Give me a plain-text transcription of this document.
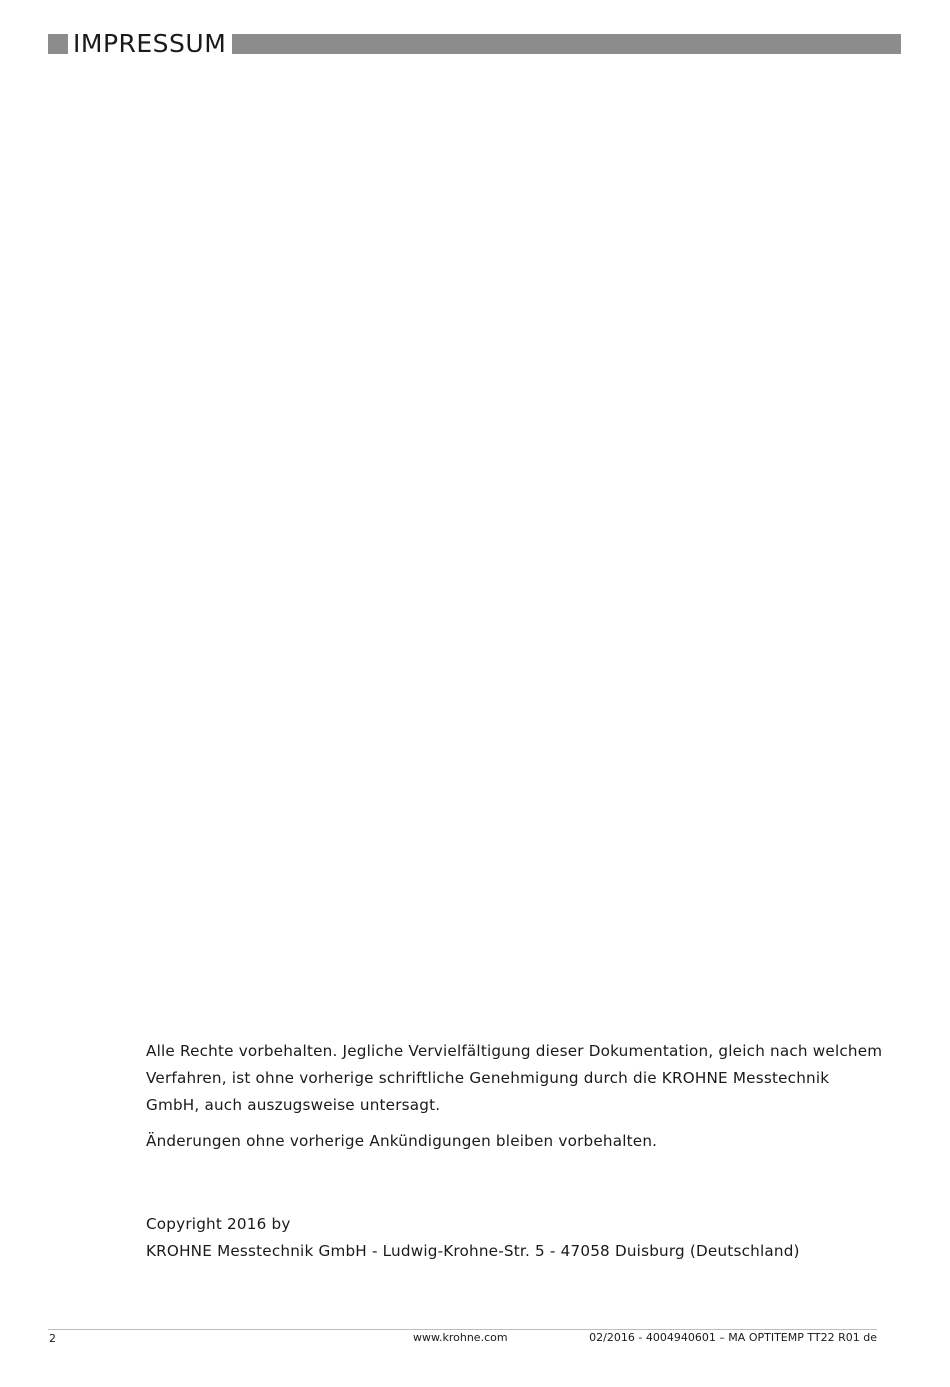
IMPRESSUM

Alle Rechte vorbehalten. Jegliche Vervielfältigung dieser Dokumentation, gleich nach welchem Verfahren, ist ohne vorherige schriftliche Genehmigung durch die KROHNE Messtechnik GmbH, auch auszugsweise untersagt.

Änderungen ohne vorherige Ankündigungen bleiben vorbehalten.

Copyright 2016 by
KROHNE Messtechnik GmbH - Ludwig-Krohne-Str. 5 - 47058 Duisburg (Deutschland)
2	www.krohne.com	02/2016 - 4004940601 – MA OPTITEMP TT22 R01 de
